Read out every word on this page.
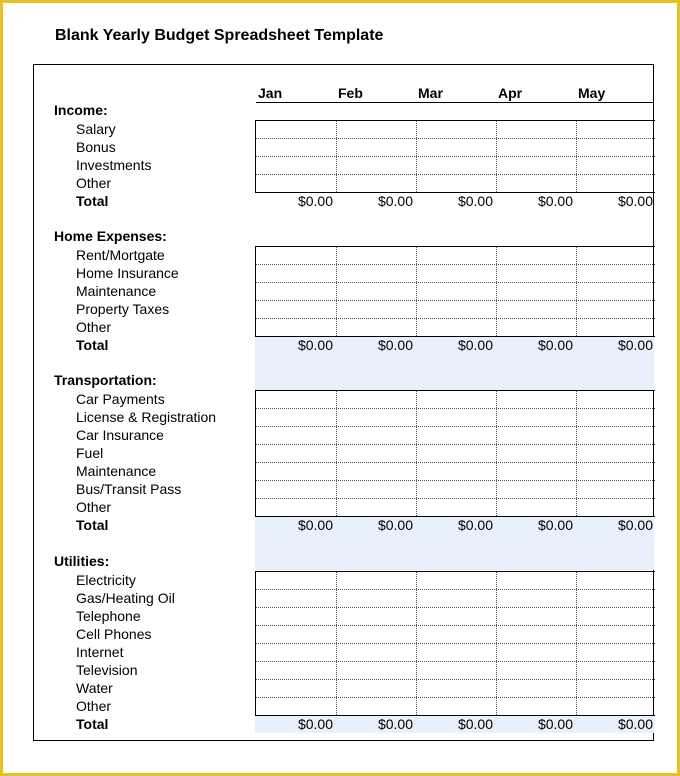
Blank Yearly Budget Spreadsheet Template
Jan	Feb	Mar	Apr	May
Income:
Salary
Bonus
Investments
Other
Total	$0.00	$0.00	$0.00	$0.00	$0.00
Home Expenses:
Rent/Mortgate
Home Insurance
Maintenance
Property Taxes
Other
Total	$0.00	$0.00	$0.00	$0.00	$0.00
Transportation:
Car Payments
License & Registration
Car Insurance
Fuel
Maintenance
Bus/Transit Pass
Other
Total	$0.00	$0.00	$0.00	$0.00	$0.00
Utilities:
Electricity
Gas/Heating Oil
Telephone
Cell Phones
Internet
Television
Water
Other
Total	$0.00	$0.00	$0.00	$0.00	$0.00
